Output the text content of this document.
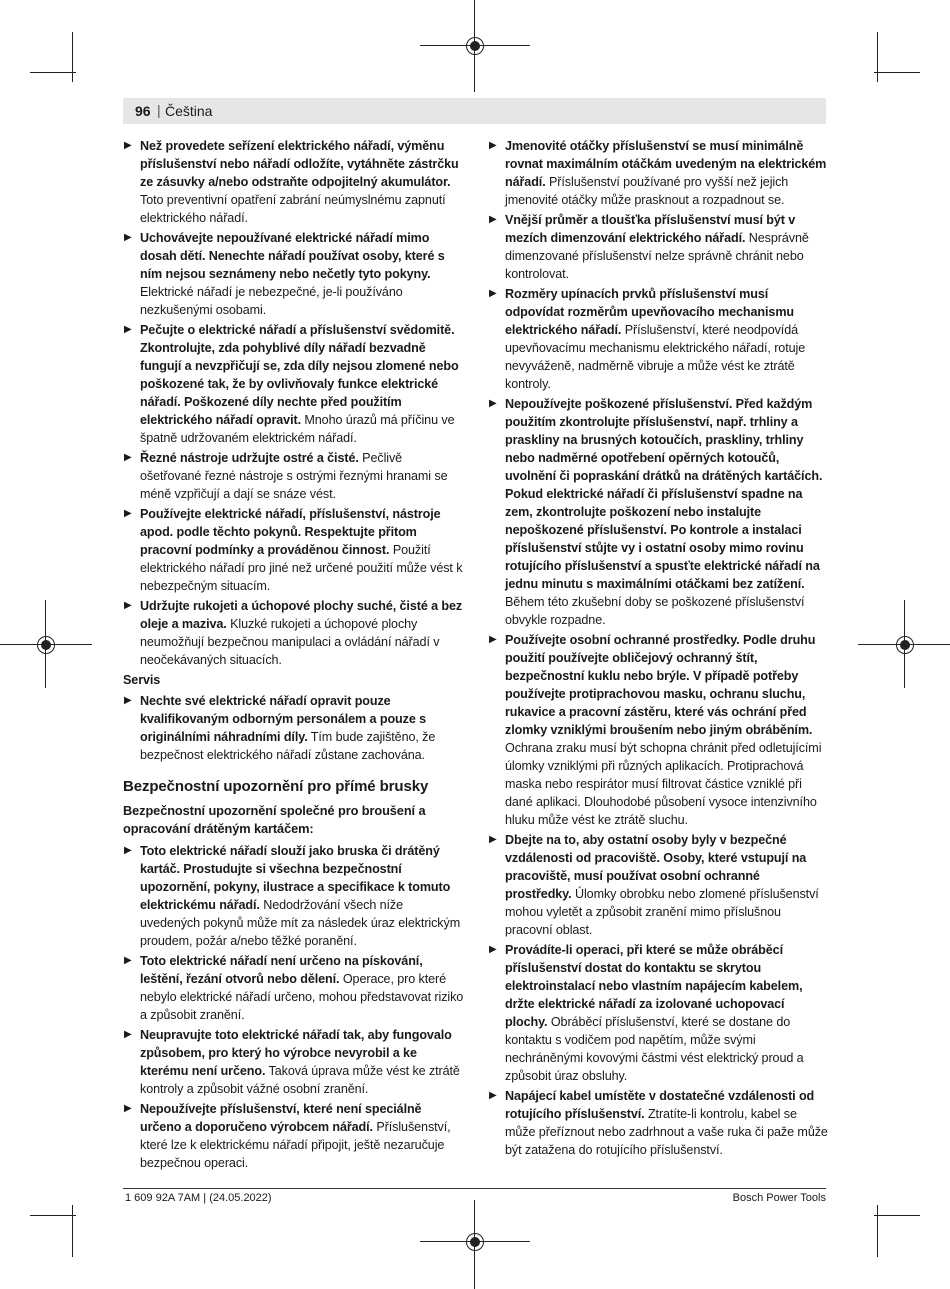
96 | Čeština
▶ Než provedete seřízení elektrického nářadí, výměnu příslušenství nebo nářadí odložíte, vytáhněte zástrčku ze zásuvky a/nebo odstraňte odpojitelný akumulátor. Toto preventivní opatření zabrání neúmyslnému zapnutí elektrického nářadí.
▶ Uchovávejte nepoužívané elektrické nářadí mimo dosah dětí. Nenechte nářadí používat osoby, které s ním nejsou seznámeny nebo nečetly tyto pokyny. Elektrické nářadí je nebezpečné, je-li používáno nezkušenými osobami.
▶ Pečujte o elektrické nářadí a příslušenství svědomitě. Zkontrolujte, zda pohyblivé díly nářadí bezvadně fungují a nevzpřičují se, zda díly nejsou zlomené nebo poškozené tak, že by ovlivňovaly funkce elektrické nářadí. Poškozené díly nechte před použitím elektrického nářadí opravit. Mnoho úrazů má příčinu ve špatně udržovaném elektrickém nářadí.
▶ Řezné nástroje udržujte ostré a čisté. Pečlivě ošetřované řezné nástroje s ostrými řeznými hranami se méně vzpřičují a dají se snáze vést.
▶ Používejte elektrické nářadí, příslušenství, nástroje apod. podle těchto pokynů. Respektujte přitom pracovní podmínky a prováděnou činnost. Použití elektrického nářadí pro jiné než určené použití může vést k nebezpečným situacím.
▶ Udržujte rukojeti a úchopové plochy suché, čisté a bez oleje a maziva. Kluzké rukojeti a úchopové plochy neumožňují bezpečnou manipulaci a ovládání nářadí v neočekávaných situacích.
Servis
▶ Nechte své elektrické nářadí opravit pouze kvalifikovaným odborným personálem a pouze s originálními náhradními díly. Tím bude zajištěno, že bezpečnost elektrického nářadí zůstane zachována.
Bezpečnostní upozornění pro přímé brusky
Bezpečnostní upozornění společné pro broušení a opracování drátěným kartáčem:
▶ Toto elektrické nářadí slouží jako bruska či drátěný kartáč. Prostudujte si všechna bezpečnostní upozornění, pokyny, ilustrace a specifikace k tomuto elektrickému nářadí. Nedodržování všech níže uvedených pokynů může mít za následek úraz elektrickým proudem, požár a/nebo těžké poranění.
▶ Toto elektrické nářadí není určeno na pískování, leštění, řezání otvorů nebo dělení. Operace, pro které nebylo elektrické nářadí určeno, mohou představovat riziko a způsobit zranění.
▶ Neupravujte toto elektrické nářadí tak, aby fungovalo způsobem, pro který ho výrobce nevyrobil a ke kterému není určeno. Taková úprava může vést ke ztrátě kontroly a způsobit vážné osobní zranění.
▶ Nepoužívejte příslušenství, které není speciálně určeno a doporučeno výrobcem nářadí. Příslušenství, které lze k elektrickému nářadí připojit, ještě nezaručuje bezpečnou operaci.
▶ Jmenovité otáčky příslušenství se musí minimálně rovnat maximálním otáčkám uvedeným na elektrickém nářadí. Příslušenství používané pro vyšší než jejich jmenovité otáčky může prasknout a rozpadnout se.
▶ Vnější průměr a tloušťka příslušenství musí být v mezích dimenzování elektrického nářadí. Nesprávně dimenzované příslušenství nelze správně chránit nebo kontrolovat.
▶ Rozměry upínacích prvků příslušenství musí odpovídat rozměrům upevňovacího mechanismu elektrického nářadí. Příslušenství, které neodpovídá upevňovacímu mechanismu elektrického nářadí, rotuje nevyváženě, nadměrně vibruje a může vést ke ztrátě kontroly.
▶ Nepoužívejte poškozené příslušenství. Před každým použitím zkontrolujte příslušenství, např. trhliny a praskliny na brusných kotoučích, praskliny, trhliny nebo nadměrné opotřebení opěrných kotoučů, uvolnění či popraskání drátků na drátěných kartáčích. Pokud elektrické nářadí či příslušenství spadne na zem, zkontrolujte poškození nebo instalujte nepoškozené příslušenství. Po kontrole a instalaci příslušenství stůjte vy i ostatní osoby mimo rovinu rotujícího příslušenství a spusťte elektrické nářadí na jednu minutu s maximálními otáčkami bez zatížení. Během této zkušební doby se poškozené příslušenství obvykle rozpadne.
▶ Používejte osobní ochranné prostředky. Podle druhu použití používejte obličejový ochranný štít, bezpečnostní kuklu nebo brýle. V případě potřeby používejte protiprachovou masku, ochranu sluchu, rukavice a pracovní zástěru, které vás ochrání před zlomky vzniklými broušením nebo jiným obráběním. Ochrana zraku musí být schopna chránit před odletujícími úlomky vzniklými při různých aplikacích. Protiprachová maska nebo respirátor musí filtrovat částice vzniklé při dané aplikaci. Dlouhodobé působení vysoce intenzivního hluku může vést ke ztrátě sluchu.
▶ Dbejte na to, aby ostatní osoby byly v bezpečné vzdálenosti od pracoviště. Osoby, které vstupují na pracoviště, musí používat osobní ochranné prostředky. Úlomky obrobku nebo zlomené příslušenství mohou vyletět a způsobit zranění mimo příslušnou pracovní oblast.
▶ Provádíte-li operaci, při které se může obráběcí příslušenství dostat do kontaktu se skrytou elektroinstalací nebo vlastním napájecím kabelem, držte elektrické nářadí za izolované uchopovací plochy. Obráběcí příslušenství, které se dostane do kontaktu s vodičem pod napětím, může svými nechráněnými kovovými částmi vést elektrický proud a způsobit úraz obsluhy.
▶ Napájecí kabel umístěte v dostatečné vzdálenosti od rotujícího příslušenství. Ztratíte-li kontrolu, kabel se může přeříznout nebo zadrhnout a vaše ruka či paže může být zatažena do rotujícího příslušenství.
1 609 92A 7AM | (24.05.2022)	Bosch Power Tools
